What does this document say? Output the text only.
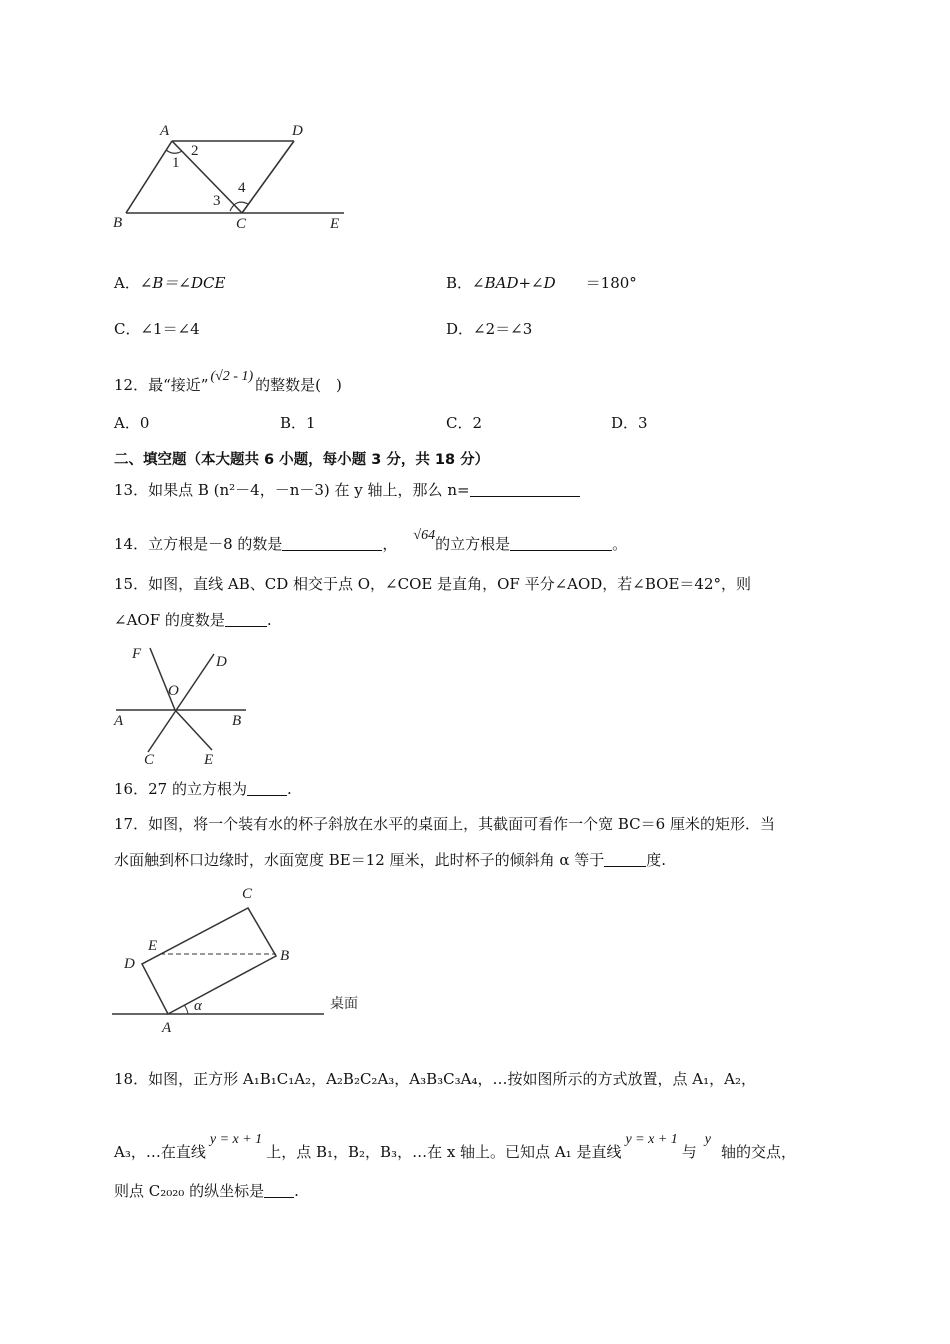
A	D
B	C	E
1
2
3
4
A．∠B＝∠DCE	B．∠BAD+∠D ＝180°
C．∠1＝∠4	D．∠2＝∠3
12．最“接近” (√2 - 1) 的整数是(　)
A．0	B．1	C．2	D．3
二、填空题（本大题共 6 小题，每小题 3 分，共 18 分）
13．如果点 B (n²－4，－n－3) 在 y 轴上，那么 n=
14．立方根是－8 的数是	， √64的立方根是	。
15．如图，直线 AB、CD 相交于点 O，∠COE 是直角，OF 平分∠AOD，若∠BOE＝42°，则
∠AOF 的度数是	.
F	D
O
A	B
C	E
16．27 的立方根为	.
17．如图，将一个装有水的杯子斜放在水平的桌面上，其截面可看作一个宽 BC＝6 厘米的矩形．当
水面触到杯口边缘时，水面宽度 BE＝12 厘米，此时杯子的倾斜角 α 等于	度.
C
E
D	B
A
α	桌面
18．如图，正方形 A₁B₁C₁A₂，A₂B₂C₂A₃，A₃B₃C₃A₄，…按如图所示的方式放置，点 A₁，A₂，
A₃，…在直线y = x + 1上，点 B₁，B₂，B₃，…在 x 轴上。已知点 A₁ 是直线y = x + 1与y轴的交点，
则点 C₂₀₂₀ 的纵坐标是 .
